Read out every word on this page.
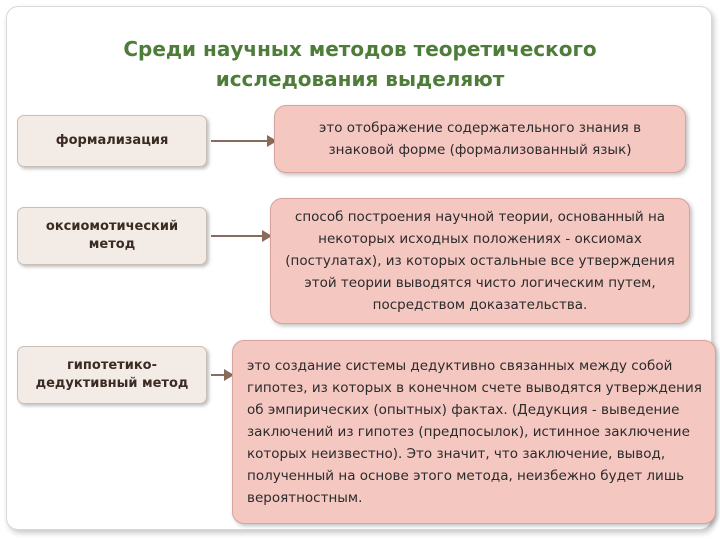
Среди научных методов теоретического исследования выделяют
формализация
это отображение содержательного знания в знаковой форме (формализованный язык)
оксиомотический метод
способ построения научной теории, основанный на некоторых исходных положениях - оксиомах (постулатах), из которых остальные все утверждения этой теории выводятся чисто логическим путем, посредством доказательства.
гипотетико-дедуктивный метод
это создание системы дедуктивно связанных между собой гипотез, из которых в конечном счете выводятся утверждения об эмпирических (опытных) фактах. (Дедукция - выведение заключений из гипотез (предпосылок), истинное заключение которых неизвестно). Это значит, что заключение, вывод, полученный на основе этого метода, неизбежно будет лишь вероятностным.
